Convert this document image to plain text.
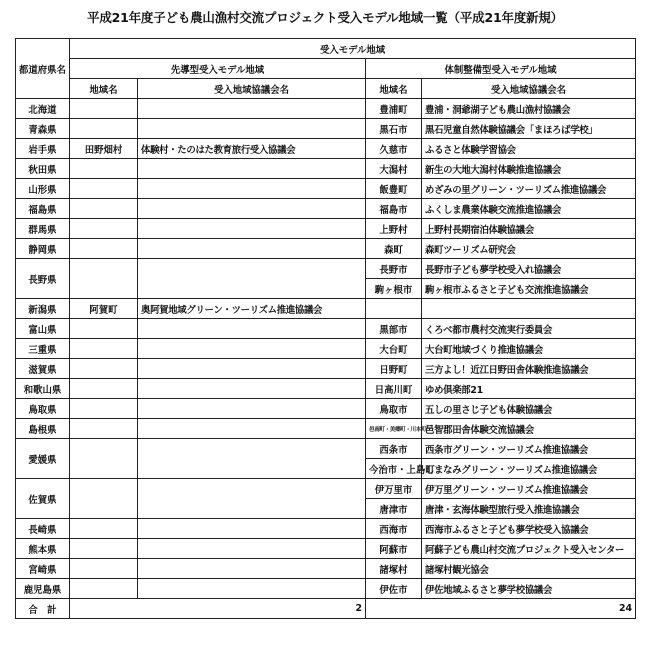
平成21年度子ども農山漁村交流プロジェクト受入モデル地域一覧（平成21年度新規）
都道府県名	受入モデル地域			
	先導型受入モデル地域		体制整備型受入モデル地域	
	地域名	受入地域協議会名	地域名	受入地域協議会名
北海道			豊浦町	豊浦・洞爺湖子ども農山漁村協議会
青森県			黒石市	黒石児童自然体験協議会「まほろば学校」
岩手県	田野畑村	体験村・たのはた教育旅行受入協議会	久慈市	ふるさと体験学習協会
秋田県			大潟村	新生の大地大潟村体験推進協議会
山形県			飯豊町	めざみの里グリーン・ツーリズム推進協議会
福島県			福島市	ふくしま農業体験交流推進協議会
群馬県			上野村	上野村長期宿泊体験協議会
静岡県			森町	森町ツーリズム研究会
長野県			長野市	長野市子ども夢学校受入れ協議会
			駒ヶ根市	駒ヶ根市ふるさと子ども交流推進協議会
新潟県	阿賀町	奥阿賀地域グリーン・ツーリズム推進協議会		
富山県			黒部市	くろべ都市農村交流実行委員会
三重県			大台町	大台町地域づくり推進協議会
滋賀県			日野町	三方よし！近江日野田舎体験推進協議会
和歌山県			日高川町	ゆめ倶楽部21
鳥取県			鳥取市	五しの里さじ子ども体験協議会
島根県			邑南町・美郷町・川本町	邑智郡田舎体験交流協議会
愛媛県			西条市	西条市グリーン・ツーリズム推進協議会
			今治市・上島町	しまなみグリーン・ツーリズム推進協議会
佐賀県			伊万里市	伊万里グリーン・ツーリズム推進協議会
			唐津市	唐津・玄海体験型旅行受入推進協議会
長崎県			西海市	西海市ふるさと子ども夢学校受入協議会
熊本県			阿蘇市	阿蘇子ども農山村交流プロジェクト受入センター
宮崎県			諸塚村	諸塚村観光協会
鹿児島県			伊佐市	伊佐地域ふるさと夢学校協議会
合　計	2		24	
